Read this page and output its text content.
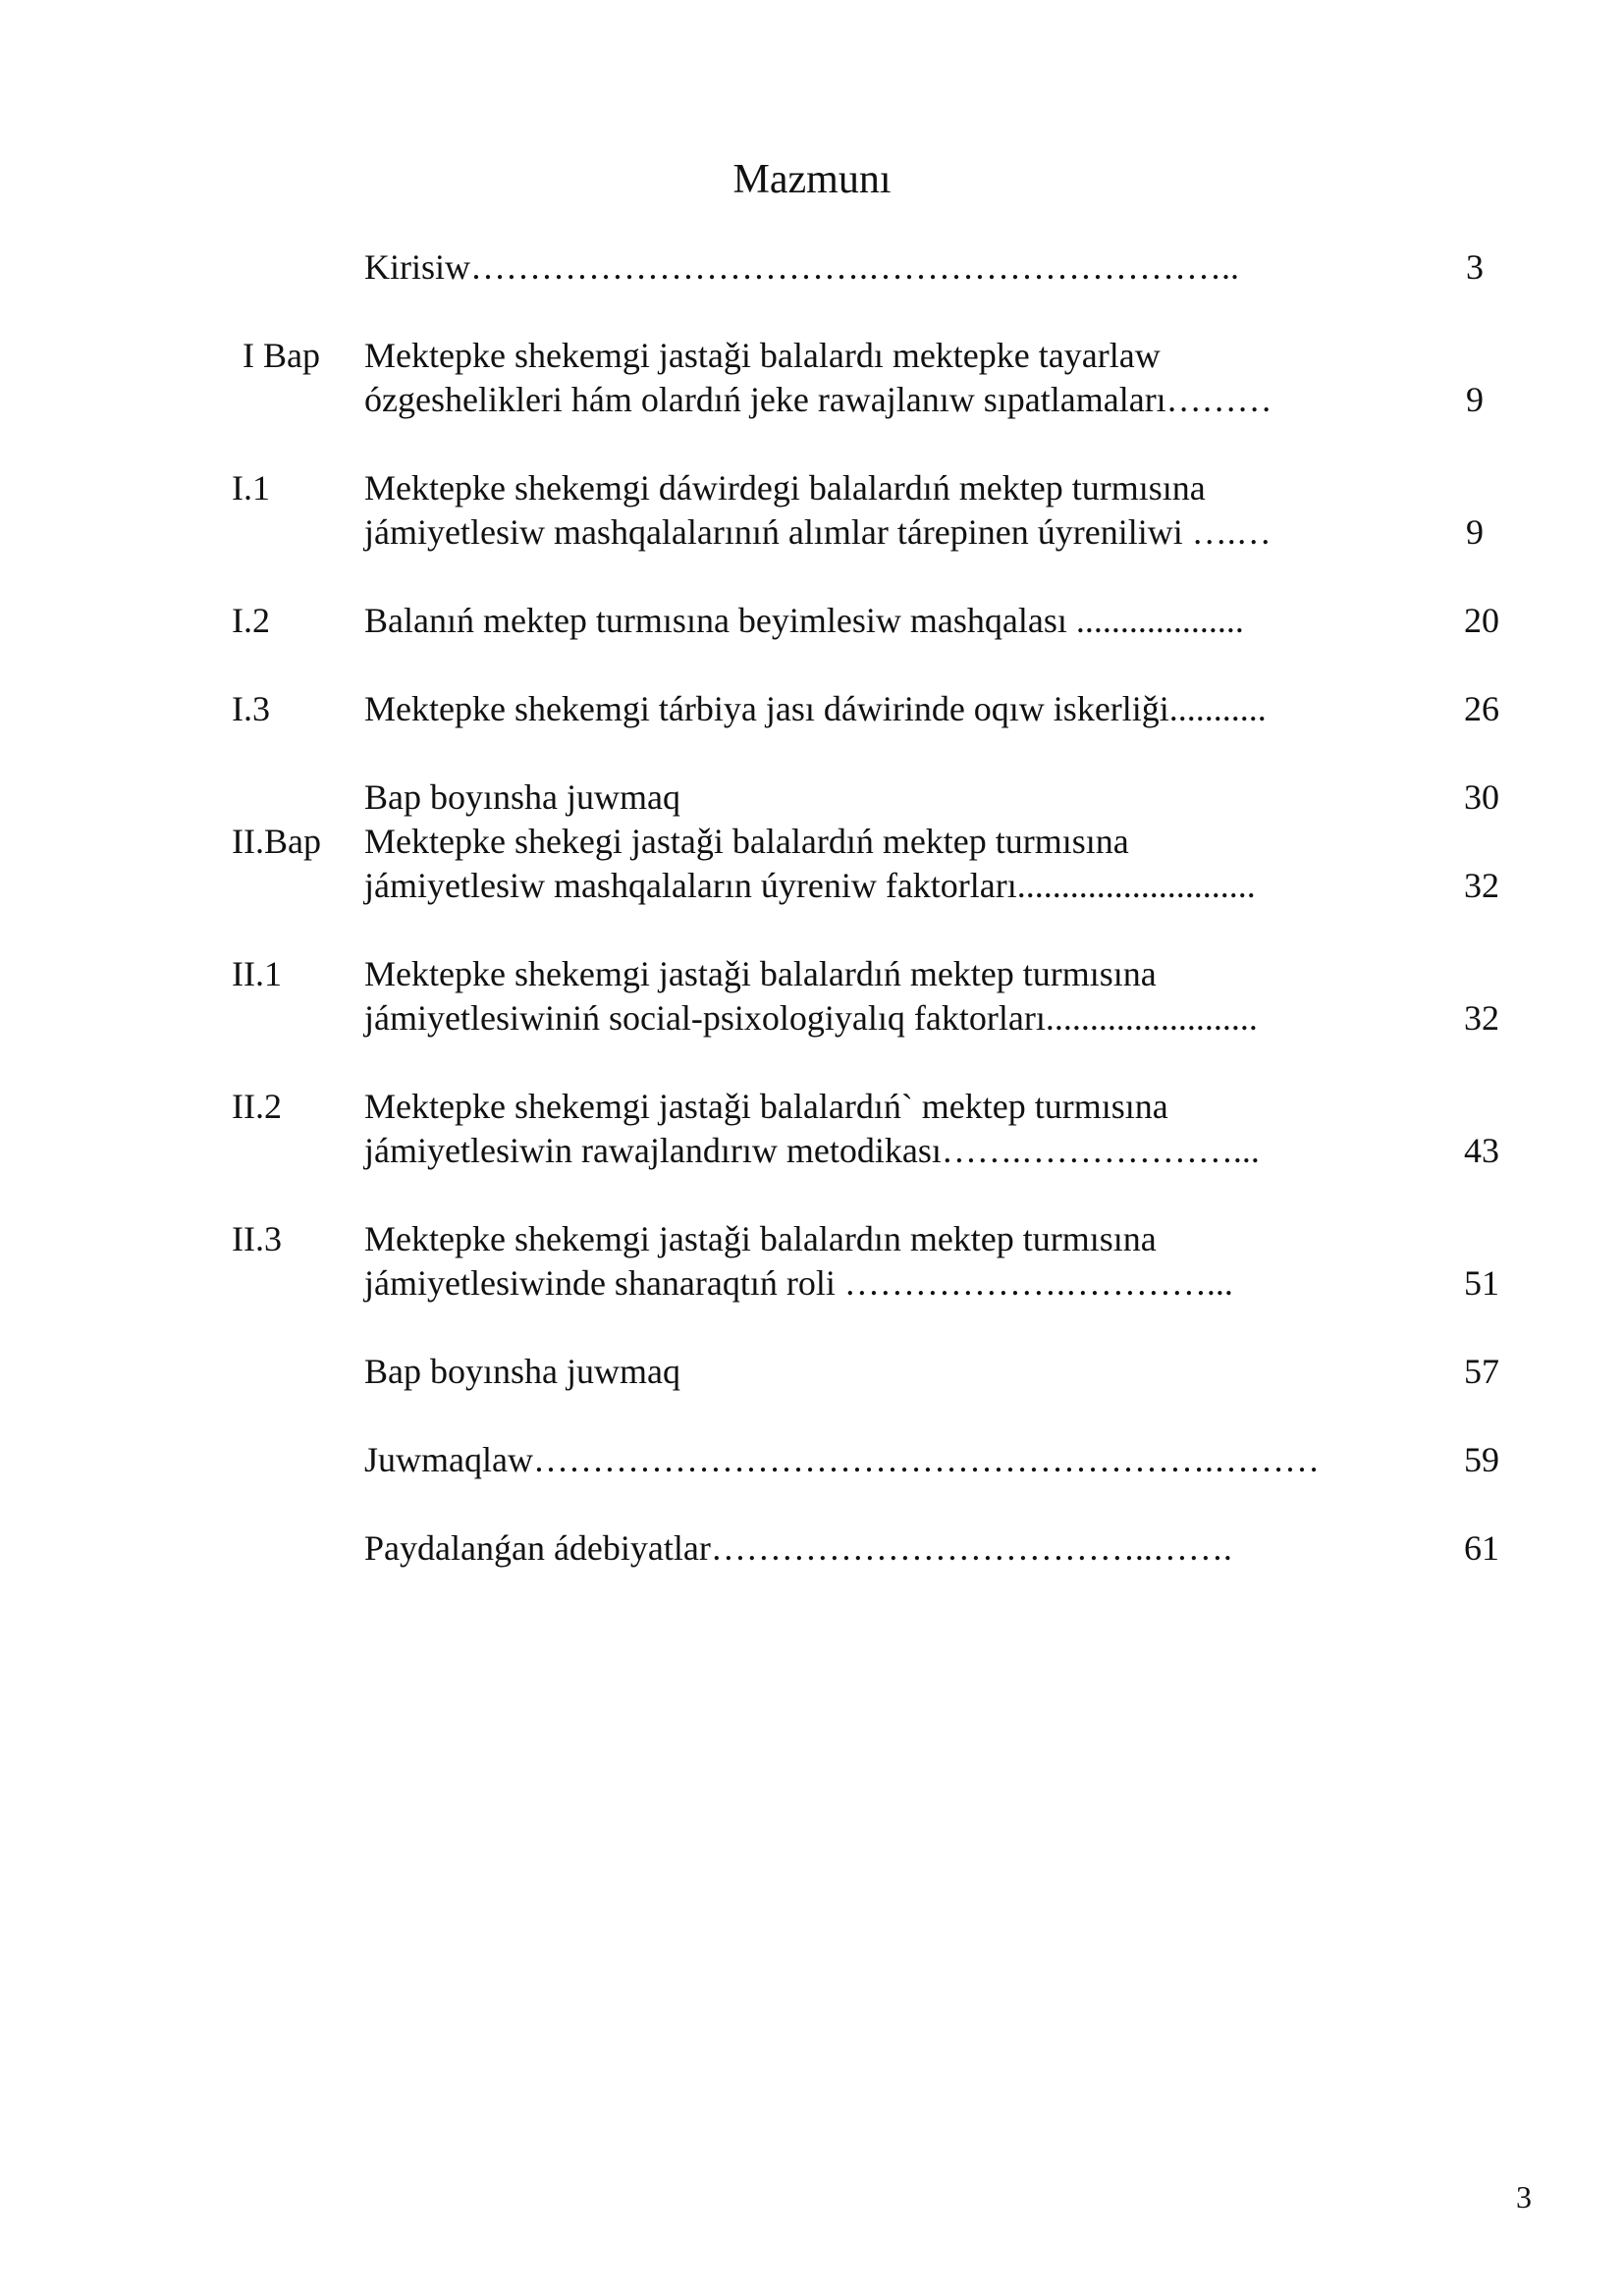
Mazmunı
Kirisiw…………………………….…………………………..	3
I Bap Mektepke shekemgi jastaǧi balalardı mektepke tayarlaw
ózgeshelikleri hám olardıń jeke rawajlanıw sıpatlamaları………	9
I.1	Mektepke shekemgi dáwirdegi balalardıń mektep turmısına
jámiyetlesiw mashqalalarınıń alımlar tárepinen úyreniliwi ….…	9
I.2	Balanıń mektep turmısına beyimlesiw mashqalası ...................	20
I.3	Mektepke shekemgi tárbiya jası dáwirinde oqıw iskerliǧi...........	26
Bap boyınsha juwmaq	30
II.Bap Mektepke shekegi jastaǧi balalardıń mektep turmısına
jámiyetlesiw mashqalaların úyreniw faktorları...........................	32
II.1 Mektepke shekemgi jastaǧi balalardıń mektep turmısına
jámiyetlesiwiniń social-psixologiyalıq faktorları........................	32
II.2 Mektepke shekemgi jastaǧi balalardıń` mektep turmısına
jámiyetlesiwin rawajlandırıw metodikası…….………………...	43
II.3 Mektepke shekemgi jastaǧi balalardın mektep turmısına
jámiyetlesiwinde shanaraqtıń roli ……………….…………...	51
Bap boyınsha juwmaq	57
Juwmaqlaw………………………………………………….………	59
Paydalanǵan ádebiyatlar………………………………..…….	61
3
